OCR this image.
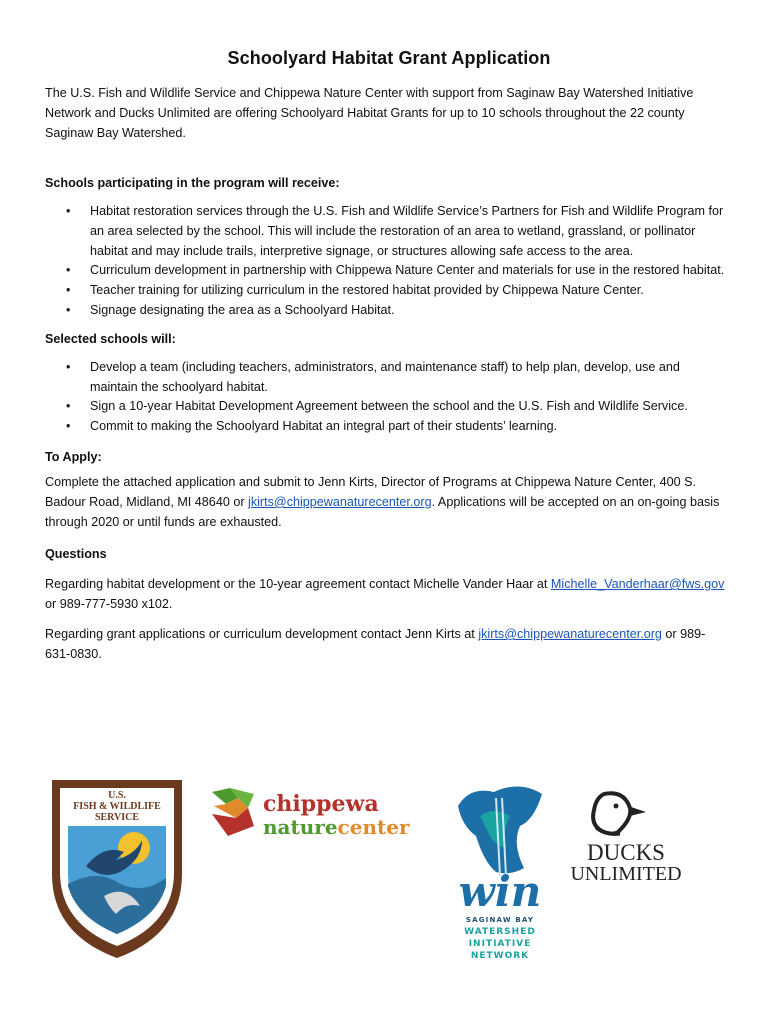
Schoolyard Habitat Grant Application

The U.S. Fish and Wildlife Service and Chippewa Nature Center with support from Saginaw Bay Watershed Initiative Network and Ducks Unlimited are offering Schoolyard Habitat Grants for up to 10 schools throughout the 22 county Saginaw Bay Watershed.

Schools participating in the program will receive:
• Habitat restoration services through the U.S. Fish and Wildlife Service’s Partners for Fish and Wildlife Program for an area selected by the school. This will include the restoration of an area to wetland, grassland, or pollinator habitat and may include trails, interpretive signage, or structures allowing safe access to the area.
• Curriculum development in partnership with Chippewa Nature Center and materials for use in the restored habitat.
• Teacher training for utilizing curriculum in the restored habitat provided by Chippewa Nature Center.
• Signage designating the area as a Schoolyard Habitat.
Selected schools will:
• Develop a team (including teachers, administrators, and maintenance staff) to help plan, develop, use and maintain the schoolyard habitat.
• Sign a 10-year Habitat Development Agreement between the school and the U.S. Fish and Wildlife Service.
• Commit to making the Schoolyard Habitat an integral part of their students’ learning.
To Apply:

Complete the attached application and submit to Jenn Kirts, Director of Programs at Chippewa Nature Center, 400 S. Badour Road, Midland, MI 48640 or jkirts@chippewanaturecenter.org. Applications will be accepted on an on-going basis through 2020 or until funds are exhausted.

Questions

Regarding habitat development or the 10-year agreement contact Michelle Vander Haar at Michelle_Vanderhaar@fws.gov or 989-777-5930 x102.

Regarding grant applications or curriculum development contact Jenn Kirts at jkirts@chippewanaturecenter.org or 989-631-0830.

U.S.
FISH & WILDLIFE
SERVICE
DEPARTMENT OF THE INTERIOR
chippewa
naturecenter
win
SAGINAW BAY
WATERSHED
INITIATIVE
NETWORK
DUCKS
UNLIMITED
